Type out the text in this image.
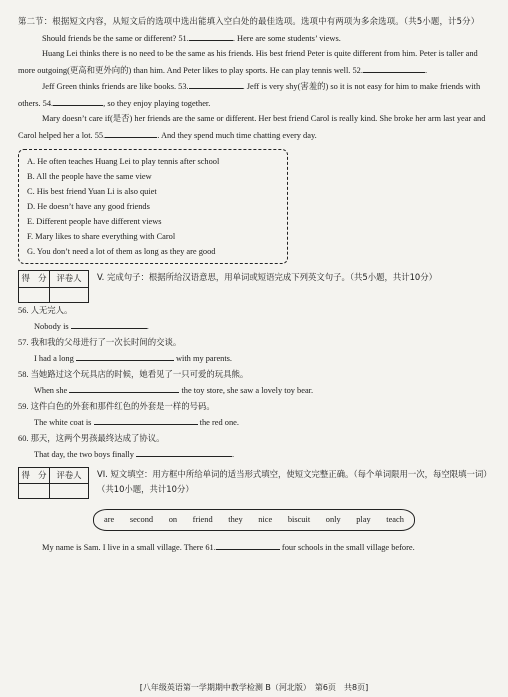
第二节：根据短文内容，从短文后的选项中选出能填入空白处的最佳选项。选项中有两项为多余选项。（共5小题，计5分）

Should friends be the same or different? 51.	. Here are some students’ views.

Huang Lei thinks there is no need to be the same as his friends. His best friend Peter is quite different from him. Peter is taller and more outgoing(更高和更外向的) than him. And Peter likes to play sports. He can play tennis well. 52.	.

Jeff Green thinks friends are like books. 53.	. Jeff is very shy(害羞的) so it is not easy for him to make friends with others. 54.	, so they enjoy playing together.

Mary doesn’t care if(是否) her friends are the same or different. Her best friend Carol is really kind. She broke her arm last year and Carol helped her a lot. 55.	. And they spend much time chatting every day.

A. He often teaches Huang Lei to play tennis after school
B. All the people have the same view
C. His best friend Yuan Li is also quiet
D. He doesn’t have any good friends
E. Different people have different views
F. Mary likes to share everything with Carol
G. You don’t need a lot of them as long as they are good
得　分	评卷人
	V. 完成句子：根据所给汉语意思，用单词或短语完成下列英文句子。（共5小题，共计10分）

56. 人无完人。

Nobody is	.

57. 我和我的父母进行了一次长时间的交谈。

I had a long	with my parents.

58. 当她路过这个玩具店的时候，她看见了一只可爱的玩具熊。

When she	the toy store, she saw a lovely toy bear.

59. 这件白色的外套和那件红色的外套是一样的号码。

The white coat is	the red one.

60. 那天，这两个男孩最终达成了协议。

That day, the two boys finally	.

得　分	评卷人
	VI. 短文填空：用方框中所给单词的适当形式填空，使短文完整正确。（每个单词限用一次，每空限填一词）（共10小题，共计10分）
are second on friend they nice biscuit only play teach

My name is Sam. I live in a small village. There 61.	four schools in the small village before.

[八年级英语第一学期期中教学检测 B（河北版）　第6页　共8页]
